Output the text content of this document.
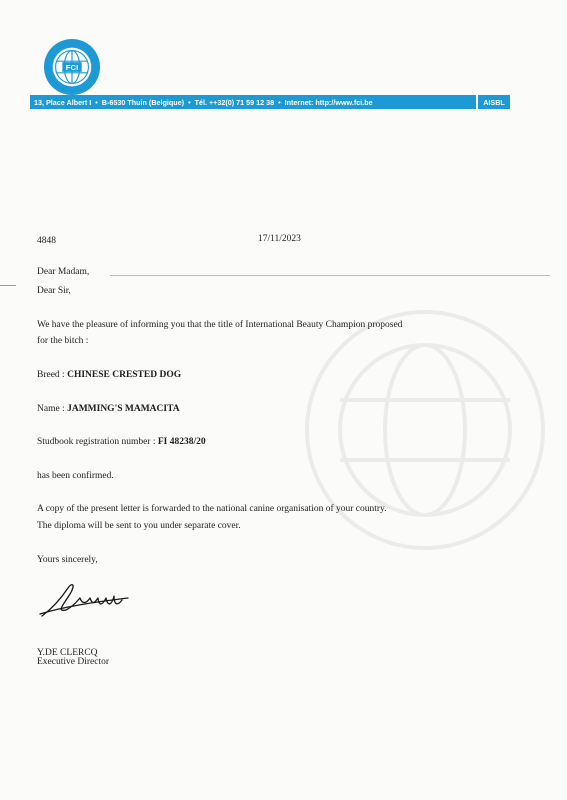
FCI
13, Place Albert I • B-6530 Thuin (Belgique) • Tél. ++32(0) 71 59 12 38 • Internet: http://www.fci.be	AISBL
4848	17/11/2023
Dear Madam,
Dear Sir,
We have the pleasure of informing you that the title of International Beauty Champion proposed
for the bitch :
Breed : CHINESE CRESTED DOG
Name : JAMMING'S MAMACITA
Studbook registration number : FI 48238/20
has been confirmed.
A copy of the present letter is forwarded to the national canine organisation of your country.
The diploma will be sent to you under separate cover.
Yours sincerely,
Y.DE CLERCQ
Executive Director
